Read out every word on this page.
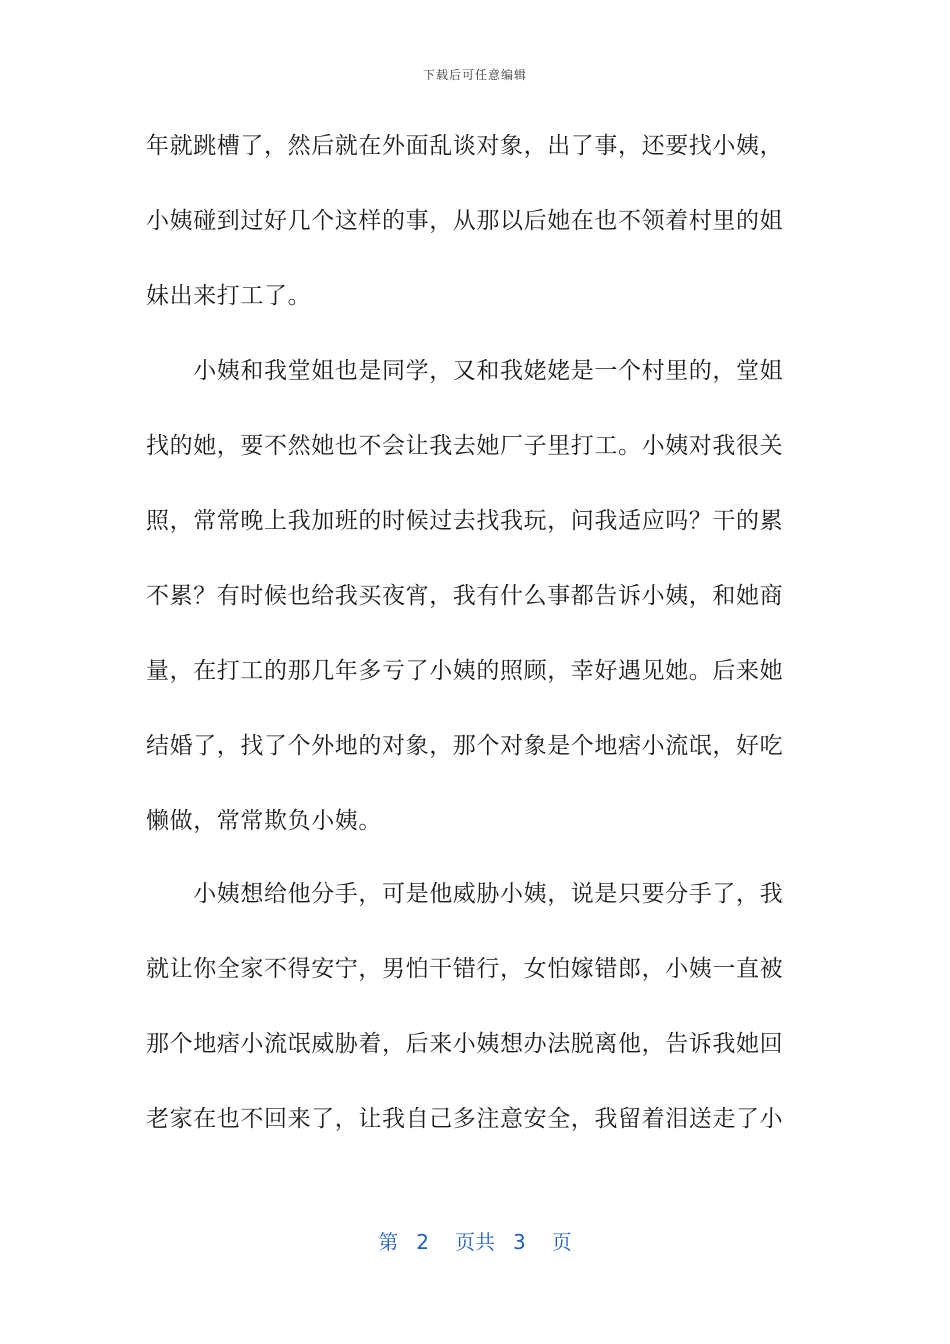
下载后可任意编辑
年就跳槽了，然后就在外面乱谈对象，出了事，还要找小姨，
小姨碰到过好几个这样的事，从那以后她在也不领着村里的姐
妹出来打工了。
　　小姨和我堂姐也是同学，又和我姥姥是一个村里的，堂姐
找的她，要不然她也不会让我去她厂子里打工。小姨对我很关
照，常常晚上我加班的时候过去找我玩，问我适应吗？干的累
不累？有时候也给我买夜宵，我有什么事都告诉小姨，和她商
量，在打工的那几年多亏了小姨的照顾，幸好遇见她。后来她
结婚了，找了个外地的对象，那个对象是个地痞小流氓，好吃
懒做，常常欺负小姨。
　　小姨想给他分手，可是他威胁小姨，说是只要分手了，我
就让你全家不得安宁，男怕干错行，女怕嫁错郎，小姨一直被
那个地痞小流氓威胁着，后来小姨想办法脱离他，告诉我她回
老家在也不回来了，让我自己多注意安全，我留着泪送走了小
第 2 页共 3 页
